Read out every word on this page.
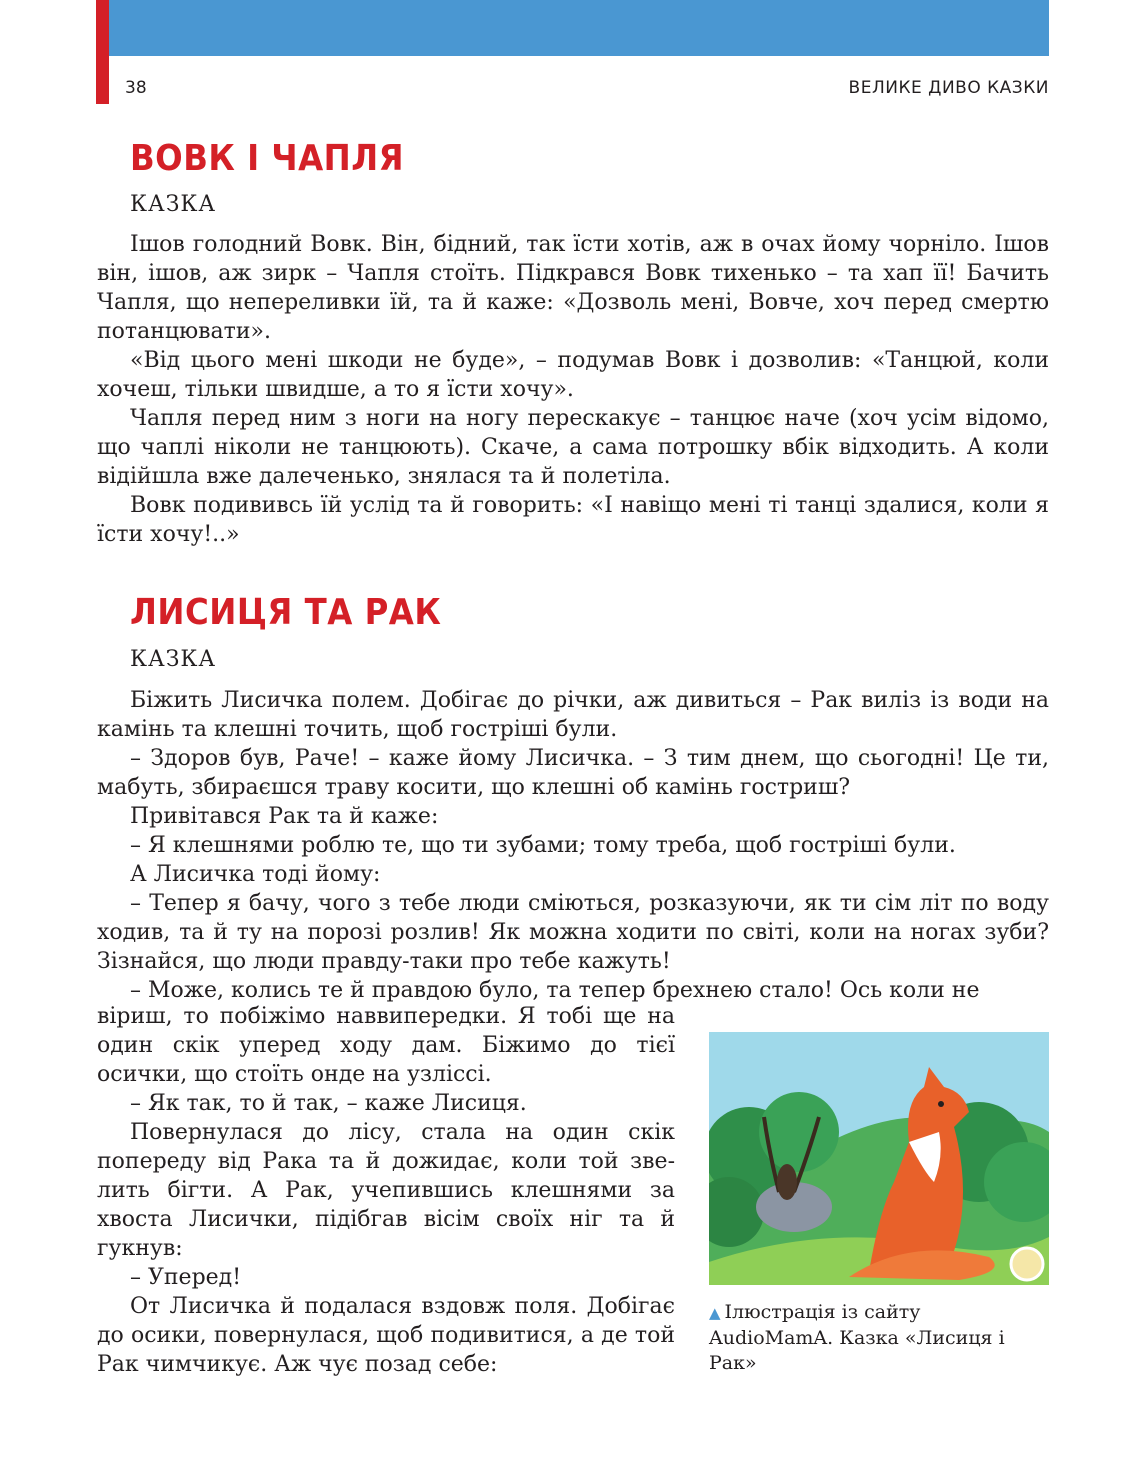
38	ВЕЛИКЕ ДИВО КАЗКИ
ВОВК І ЧАПЛЯ
КАЗКА

Ішов голодний Вовк. Він, бідний, так їсти хотів, аж в очах йому чорніло. Ішов він, ішов, аж зирк – Чапля стоїть. Підкрався Вовк тихенько – та хап її! Бачить Чапля, що непереливки їй, та й каже: «Дозволь мені, Вовче, хоч перед смертю потанцювати».

«Від цього мені шкоди не буде», – подумав Вовк і дозволив: «Танцюй, коли хочеш, тільки швидше, а то я їсти хочу».

Чапля перед ним з ноги на ногу перескакує – танцює наче (хоч усім відомо, що чаплі ніколи не танцюють). Скаче, а сама потрошку вбік відходить. А коли відійшла вже далеченько, знялася та й полетіла.

Вовк подививсь їй услід та й говорить: «І навіщо мені ті танці здалися, коли я їсти хочу!..»

ЛИСИЦЯ ТА РАК
КАЗКА

Біжить Лисичка полем. Добігає до річки, аж дивиться – Рак виліз із води на камінь та клешні точить, щоб гострiші були.

– Здоров був, Раче! – каже йому Лисичка. – З тим днем, що сьогодні! Це ти, мабуть, збираєшся траву косити, що клешні об камінь гостриш?

Привітався Рак та й каже:

– Я клешнями роблю те, що ти зубами; тому треба, щоб гострiші були.

А Лисичка тоді йому:

– Тепер я бачу, чого з тебе люди сміються, розказуючи, як ти сім літ по воду ходив, та й ту на порозі розлив! Як можна ходити по світі, коли на ногах зуби? Зізнайся, що люди правду-таки про тебе кажуть!

– Може, колись те й правдою було, та тепер брехнею стало! Ось коли не

віриш, то побіжімо наввипередки. Я тобі ще на один скік уперед ходу дам. Біжимо до тієї осички, що стоїть онде на узліссі.

– Як так, то й так, – каже Лисиця.

Повернулася до лісу, стала на один скік попереду від Рака та й дожидає, коли той звелить бігти. А Рак, учепившись клешнями за хвоста Лисички, підібгав вісім своїх ніг та й гукнув:

– Уперед!

От Лисичка й подалася вздовж поля. Добігає до осики, повернулася, щоб подивитися, а де той Рак чимчикує. Аж чує позад себе:

▲ Ілюстрація із сайту AudioMamA. Казка «Лисиця і Рак»
